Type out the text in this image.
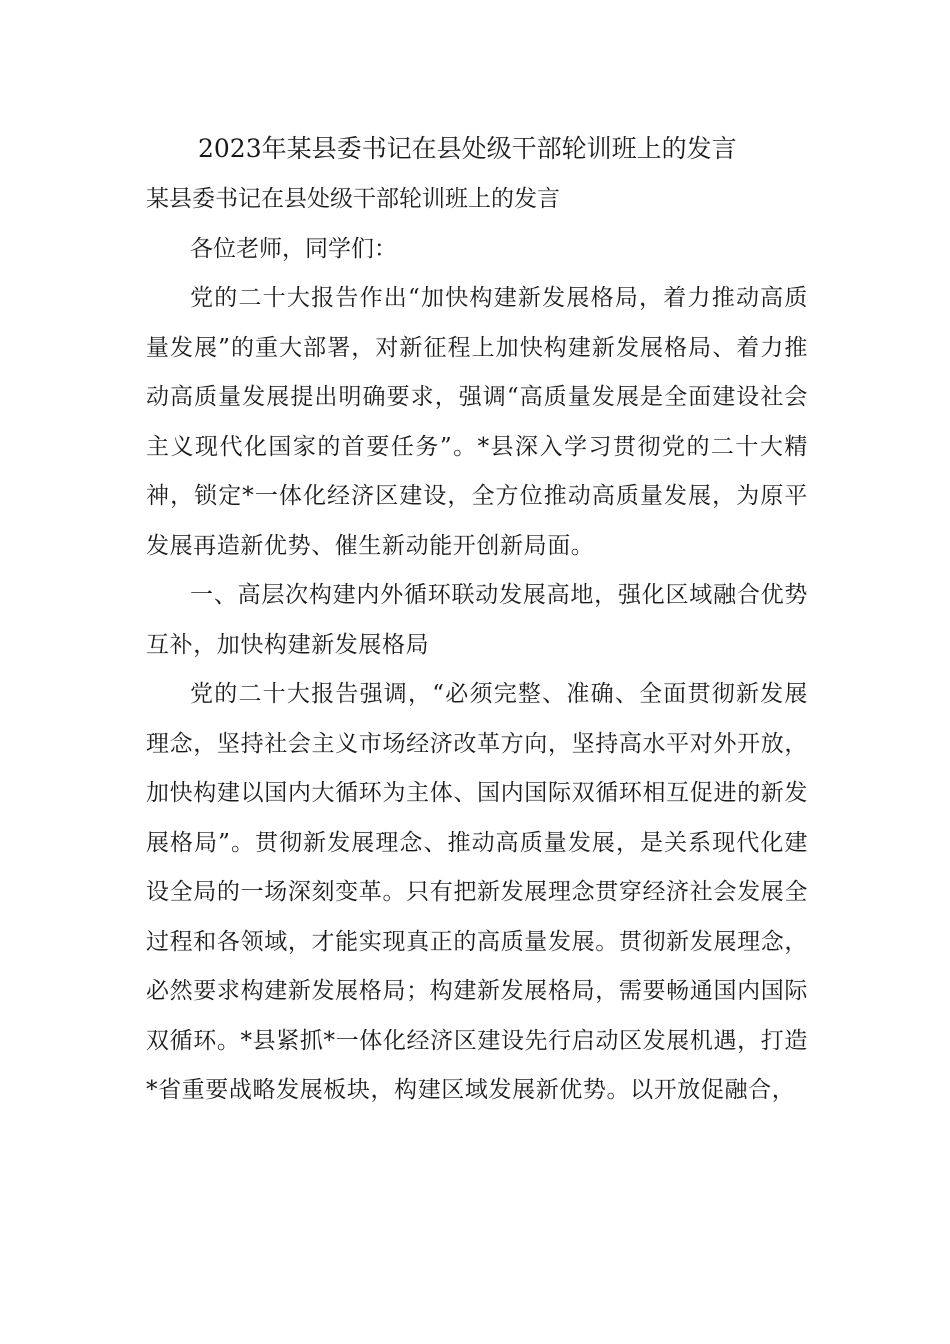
2023年某县委书记在县处级干部轮训班上的发言
某县委书记在县处级干部轮训班上的发言
各位老师，同学们：

党的二十大报告作出“加快构建新发展格局，着力推动高质量发展”的重大部署，对新征程上加快构建新发展格局、着力推动高质量发展提出明确要求，强调“高质量发展是全面建设社会主义现代化国家的首要任务”。*县深入学习贯彻党的二十大精神，锁定*一体化经济区建设，全方位推动高质量发展，为原平发展再造新优势、催生新动能开创新局面。

一、高层次构建内外循环联动发展高地，强化区域融合优势互补，加快构建新发展格局

党的二十大报告强调，“必须完整、准确、全面贯彻新发展理念，坚持社会主义市场经济改革方向，坚持高水平对外开放，加快构建以国内大循环为主体、国内国际双循环相互促进的新发展格局”。贯彻新发展理念、推动高质量发展，是关系现代化建设全局的一场深刻变革。只有把新发展理念贯穿经济社会发展全过程和各领域，才能实现真正的高质量发展。贯彻新发展理念，必然要求构建新发展格局；构建新发展格局，需要畅通国内国际双循环。*县紧抓*一体化经济区建设先行启动区发展机遇，打造*省重要战略发展板块，构建区域发展新优势。以开放促融合，
